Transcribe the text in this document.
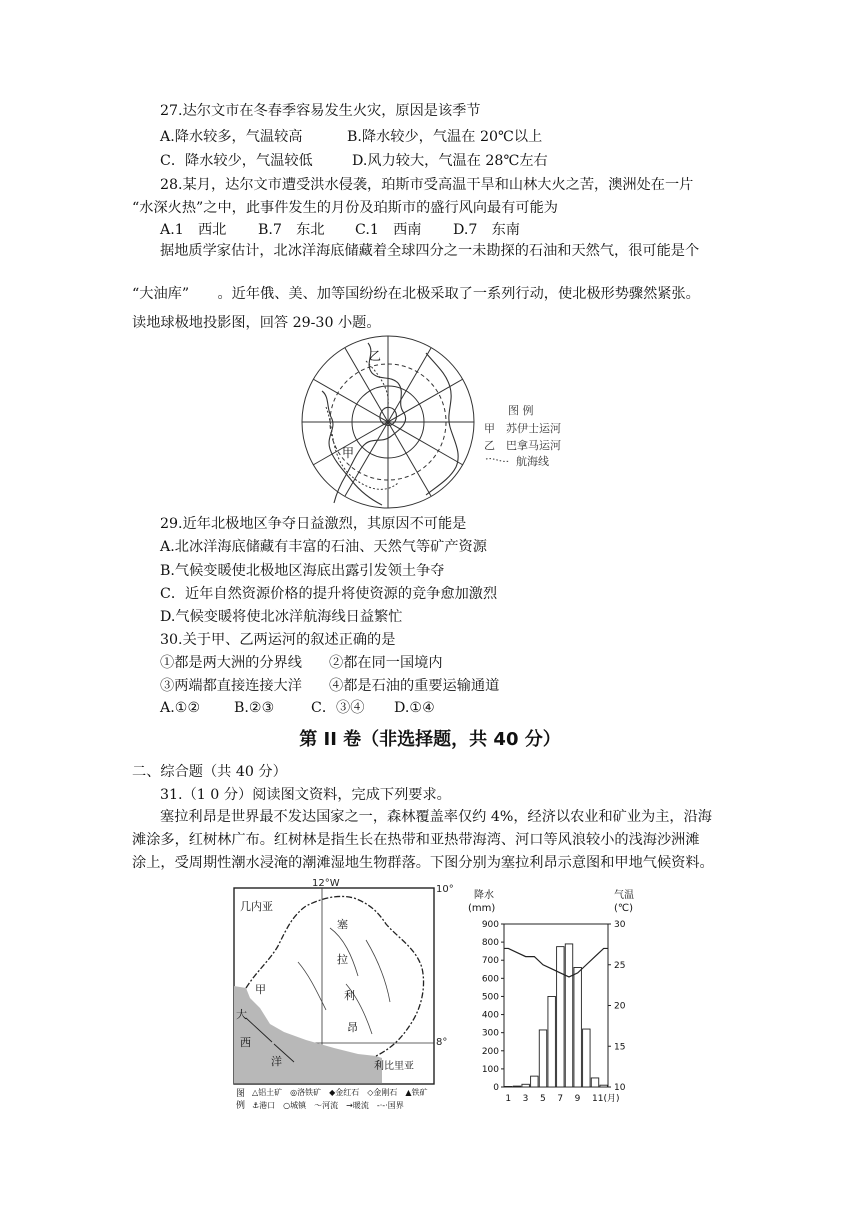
27.达尔文市在冬春季容易发生火灾，原因是该季节
A.降水较多，气温较高	B.降水较少，气温在 20℃以上
C．降水较少，气温较低	D.风力较大，气温在 28℃左右
28.某月，达尔文市遭受洪水侵袭，珀斯市受高温干旱和山林大火之苦，澳洲处在一片
“水深火热”之中，此事件发生的月份及珀斯市的盛行风向最有可能为
A.1　西北 B.7　东北 C.1　西南 D.7　东南
据地质学家估计，北冰洋海底储藏着全球四分之一未勘探的石油和天然气，很可能是个
“大油库”　　。近年俄、美、加等国纷纷在北极采取了一系列行动，使北极形势骤然紧张。
读地球极地投影图，回答 29-30 小题。
乙
甲
图 例
甲　苏伊士运河
乙　巴拿马运河
航海线
29.近年北极地区争夺日益激烈，其原因不可能是
A.北冰洋海底储藏有丰富的石油、天然气等矿产资源
B.气候变暖使北极地区海底出露引发领土争夺
C．近年自然资源价格的提升将使资源的竞争愈加激烈
D.气候变暖将使北冰洋航海线日益繁忙
30.关于甲、乙两运河的叙述正确的是
①都是两大洲的分界线 ②都在同一国境内
③两端都直接连接大洋 ④都是石油的重要运输通道
A.①② B.②③	C．③④ D.①④
第 II 卷（非选择题，共 40 分）
二、综合题（共 40 分）
31.（1 0 分）阅读图文资料，完成下列要求。
塞拉利昂是世界最不发达国家之一，森林覆盖率仅约 4%，经济以农业和矿业为主，沿海
滩涂多，红树林广布。红树林是指生长在热带和亚热带海湾、河口等风浪较小的浅海沙洲滩
涂上，受周期性潮水浸淹的潮滩湿地生物群落。下图分别为塞拉利昂示意图和甲地气候资料。
12°W
10°
8°
几内亚
塞
拉
利
昂
甲
大
西
洋	利比里亚
图
例
△铝土矿　◎洛铁矿　◆金红石　◇金刚石　▲铁矿
⚓港口　○城镇　〜河流　→暖流　-·-·国界
降水
(mm)
气温
(℃)
900
800
700
600
500
400
300
200
100
0
30
25
20
15
10
1 3 5 7 9 11(月)
